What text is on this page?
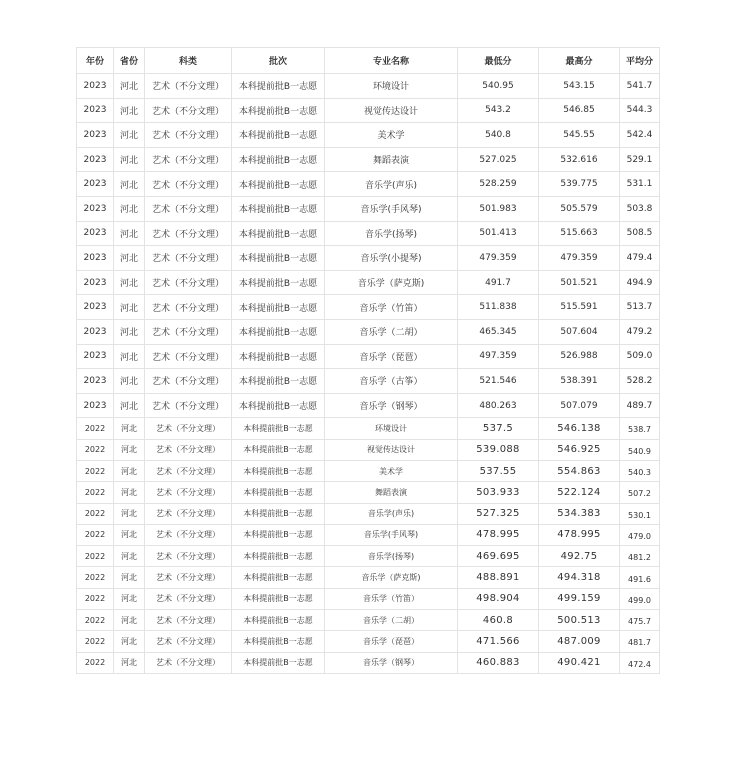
年份	省份	科类	批次	专业名称	最低分	最高分	平均分
2023	河北	艺术（不分文理）	本科提前批B一志愿	环境设计	540.95	543.15	541.7
2023	河北	艺术（不分文理）	本科提前批B一志愿	视觉传达设计	543.2	546.85	544.3
2023	河北	艺术（不分文理）	本科提前批B一志愿	美术学	540.8	545.55	542.4
2023	河北	艺术（不分文理）	本科提前批B一志愿	舞蹈表演	527.025	532.616	529.1
2023	河北	艺术（不分文理）	本科提前批B一志愿	音乐学(声乐)	528.259	539.775	531.1
2023	河北	艺术（不分文理）	本科提前批B一志愿	音乐学(手风琴)	501.983	505.579	503.8
2023	河北	艺术（不分文理）	本科提前批B一志愿	音乐学(扬琴)	501.413	515.663	508.5
2023	河北	艺术（不分文理）	本科提前批B一志愿	音乐学(小提琴)	479.359	479.359	479.4
2023	河北	艺术（不分文理）	本科提前批B一志愿	音乐学（萨克斯)	491.7	501.521	494.9
2023	河北	艺术（不分文理）	本科提前批B一志愿	音乐学（竹笛）	511.838	515.591	513.7
2023	河北	艺术（不分文理）	本科提前批B一志愿	音乐学（二胡）	465.345	507.604	479.2
2023	河北	艺术（不分文理）	本科提前批B一志愿	音乐学（琵琶）	497.359	526.988	509.0
2023	河北	艺术（不分文理）	本科提前批B一志愿	音乐学（古筝）	521.546	538.391	528.2
2023	河北	艺术（不分文理）	本科提前批B一志愿	音乐学（钢琴）	480.263	507.079	489.7
2022	河北	艺术（不分文理）	本科提前批B一志愿	环境设计	537.5	546.138	538.7
2022	河北	艺术（不分文理）	本科提前批B一志愿	视觉传达设计	539.088	546.925	540.9
2022	河北	艺术（不分文理）	本科提前批B一志愿	美术学	537.55	554.863	540.3
2022	河北	艺术（不分文理）	本科提前批B一志愿	舞蹈表演	503.933	522.124	507.2
2022	河北	艺术（不分文理）	本科提前批B一志愿	音乐学(声乐)	527.325	534.383	530.1
2022	河北	艺术（不分文理）	本科提前批B一志愿	音乐学(手风琴)	478.995	478.995	479.0
2022	河北	艺术（不分文理）	本科提前批B一志愿	音乐学(扬琴)	469.695	492.75	481.2
2022	河北	艺术（不分文理）	本科提前批B一志愿	音乐学（萨克斯)	488.891	494.318	491.6
2022	河北	艺术（不分文理）	本科提前批B一志愿	音乐学（竹笛）	498.904	499.159	499.0
2022	河北	艺术（不分文理）	本科提前批B一志愿	音乐学（二胡）	460.8	500.513	475.7
2022	河北	艺术（不分文理）	本科提前批B一志愿	音乐学（琵琶）	471.566	487.009	481.7
2022	河北	艺术（不分文理）	本科提前批B一志愿	音乐学（钢琴）	460.883	490.421	472.4
